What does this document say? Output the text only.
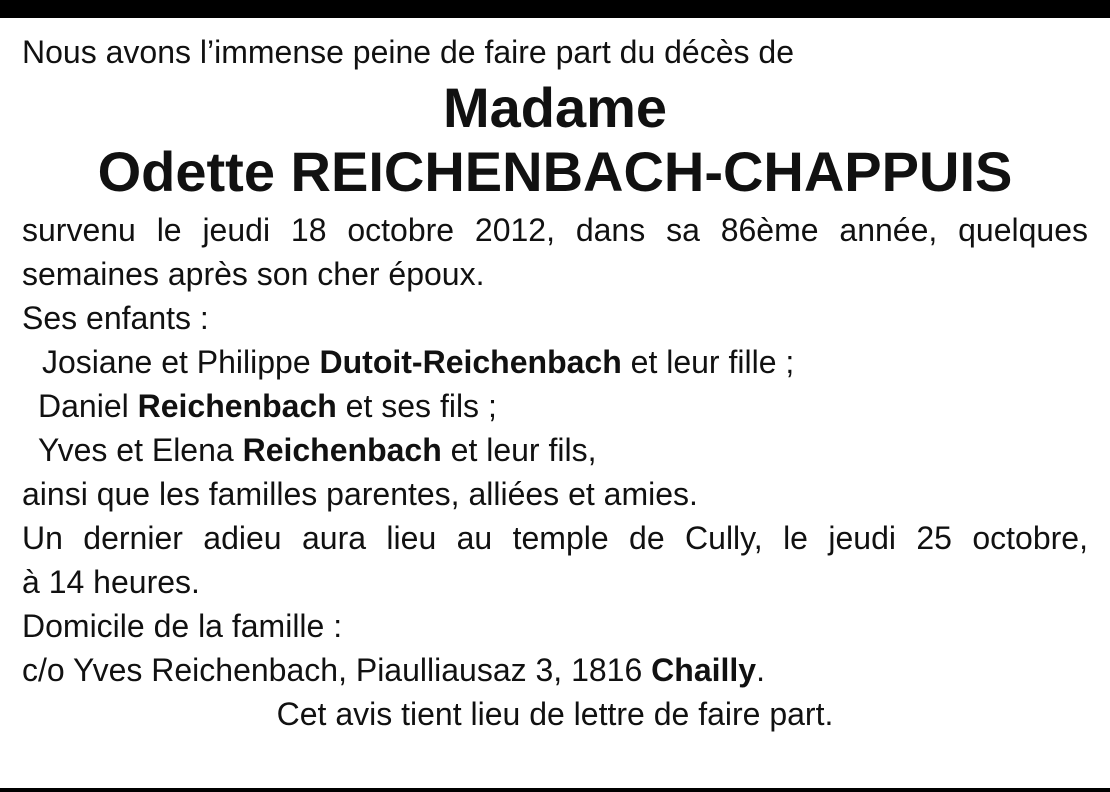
Nous avons l’immense peine de faire part du décès de
Madame
Odette REICHENBACH-CHAPPUIS
survenu le jeudi 18 octobre 2012, dans sa 86ème année, quelques
semaines après son cher époux.
Ses enfants :
Josiane et Philippe Dutoit-Reichenbach et leur fille ;
Daniel Reichenbach et ses fils ;
Yves et Elena Reichenbach et leur fils,
ainsi que les familles parentes, alliées et amies.
Un dernier adieu aura lieu au temple de Cully, le jeudi 25 octobre,
à 14 heures.
Domicile de la famille :
c/o Yves Reichenbach, Piaulliausaz 3, 1816 Chailly.
Cet avis tient lieu de lettre de faire part.
